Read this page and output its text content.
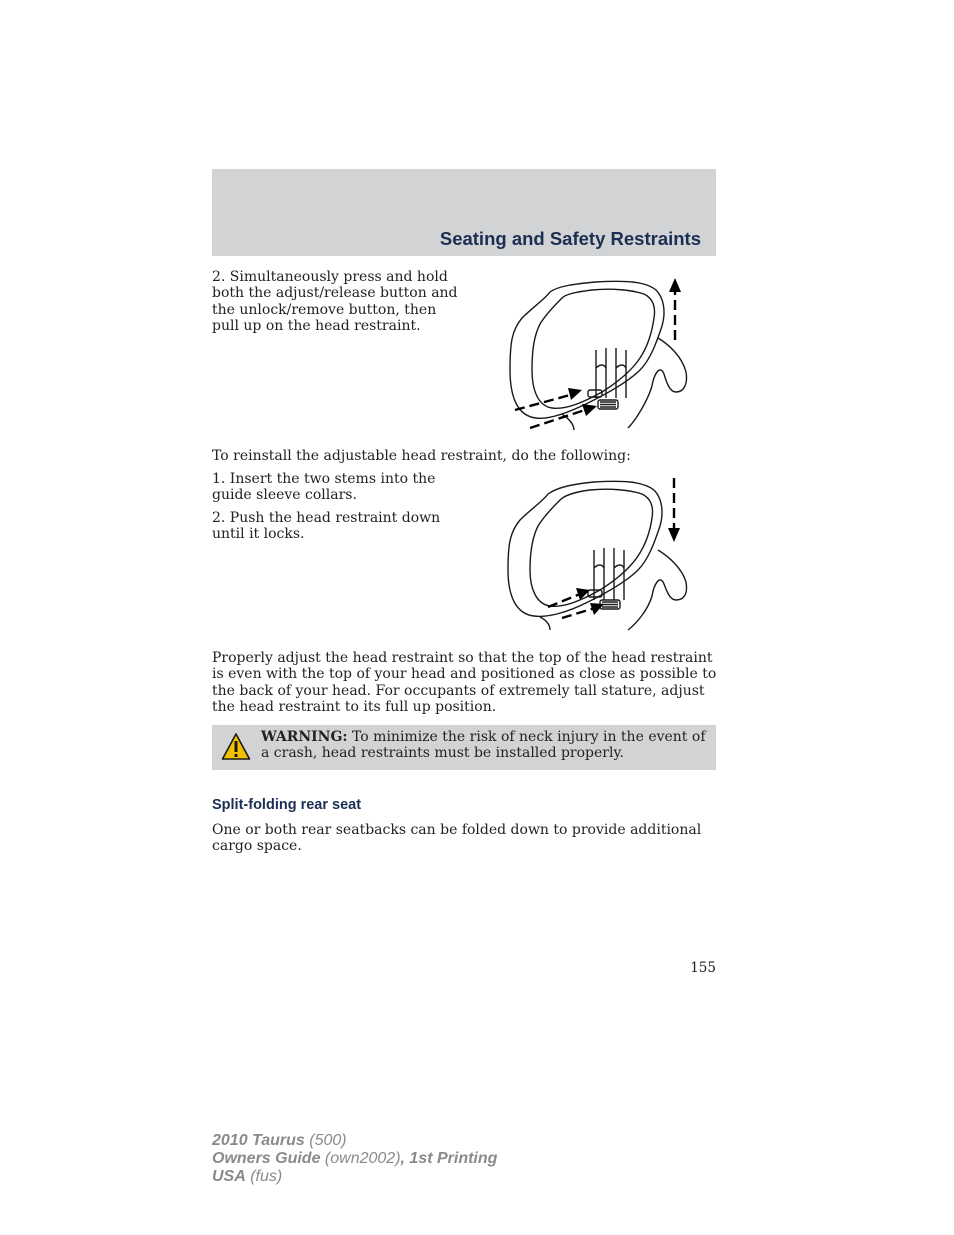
Seating and Safety Restraints

2. Simultaneously press and hold both the adjust/release button and the unlock/remove button, then pull up on the head restraint.

To reinstall the adjustable head restraint, do the following:

1. Insert the two stems into the guide sleeve collars.

2. Push the head restraint down until it locks.

Properly adjust the head restraint so that the top of the head restraint is even with the top of your head and positioned as close as possible to the back of your head. For occupants of extremely tall stature, adjust the head restraint to its full up position.

WARNING: To minimize the risk of neck injury in the event of a crash, head restraints must be installed properly.

Split-folding rear seat

One or both rear seatbacks can be folded down to provide additional cargo space.

155

2010 Taurus (500)
Owners Guide (own2002), 1st Printing
USA (fus)
